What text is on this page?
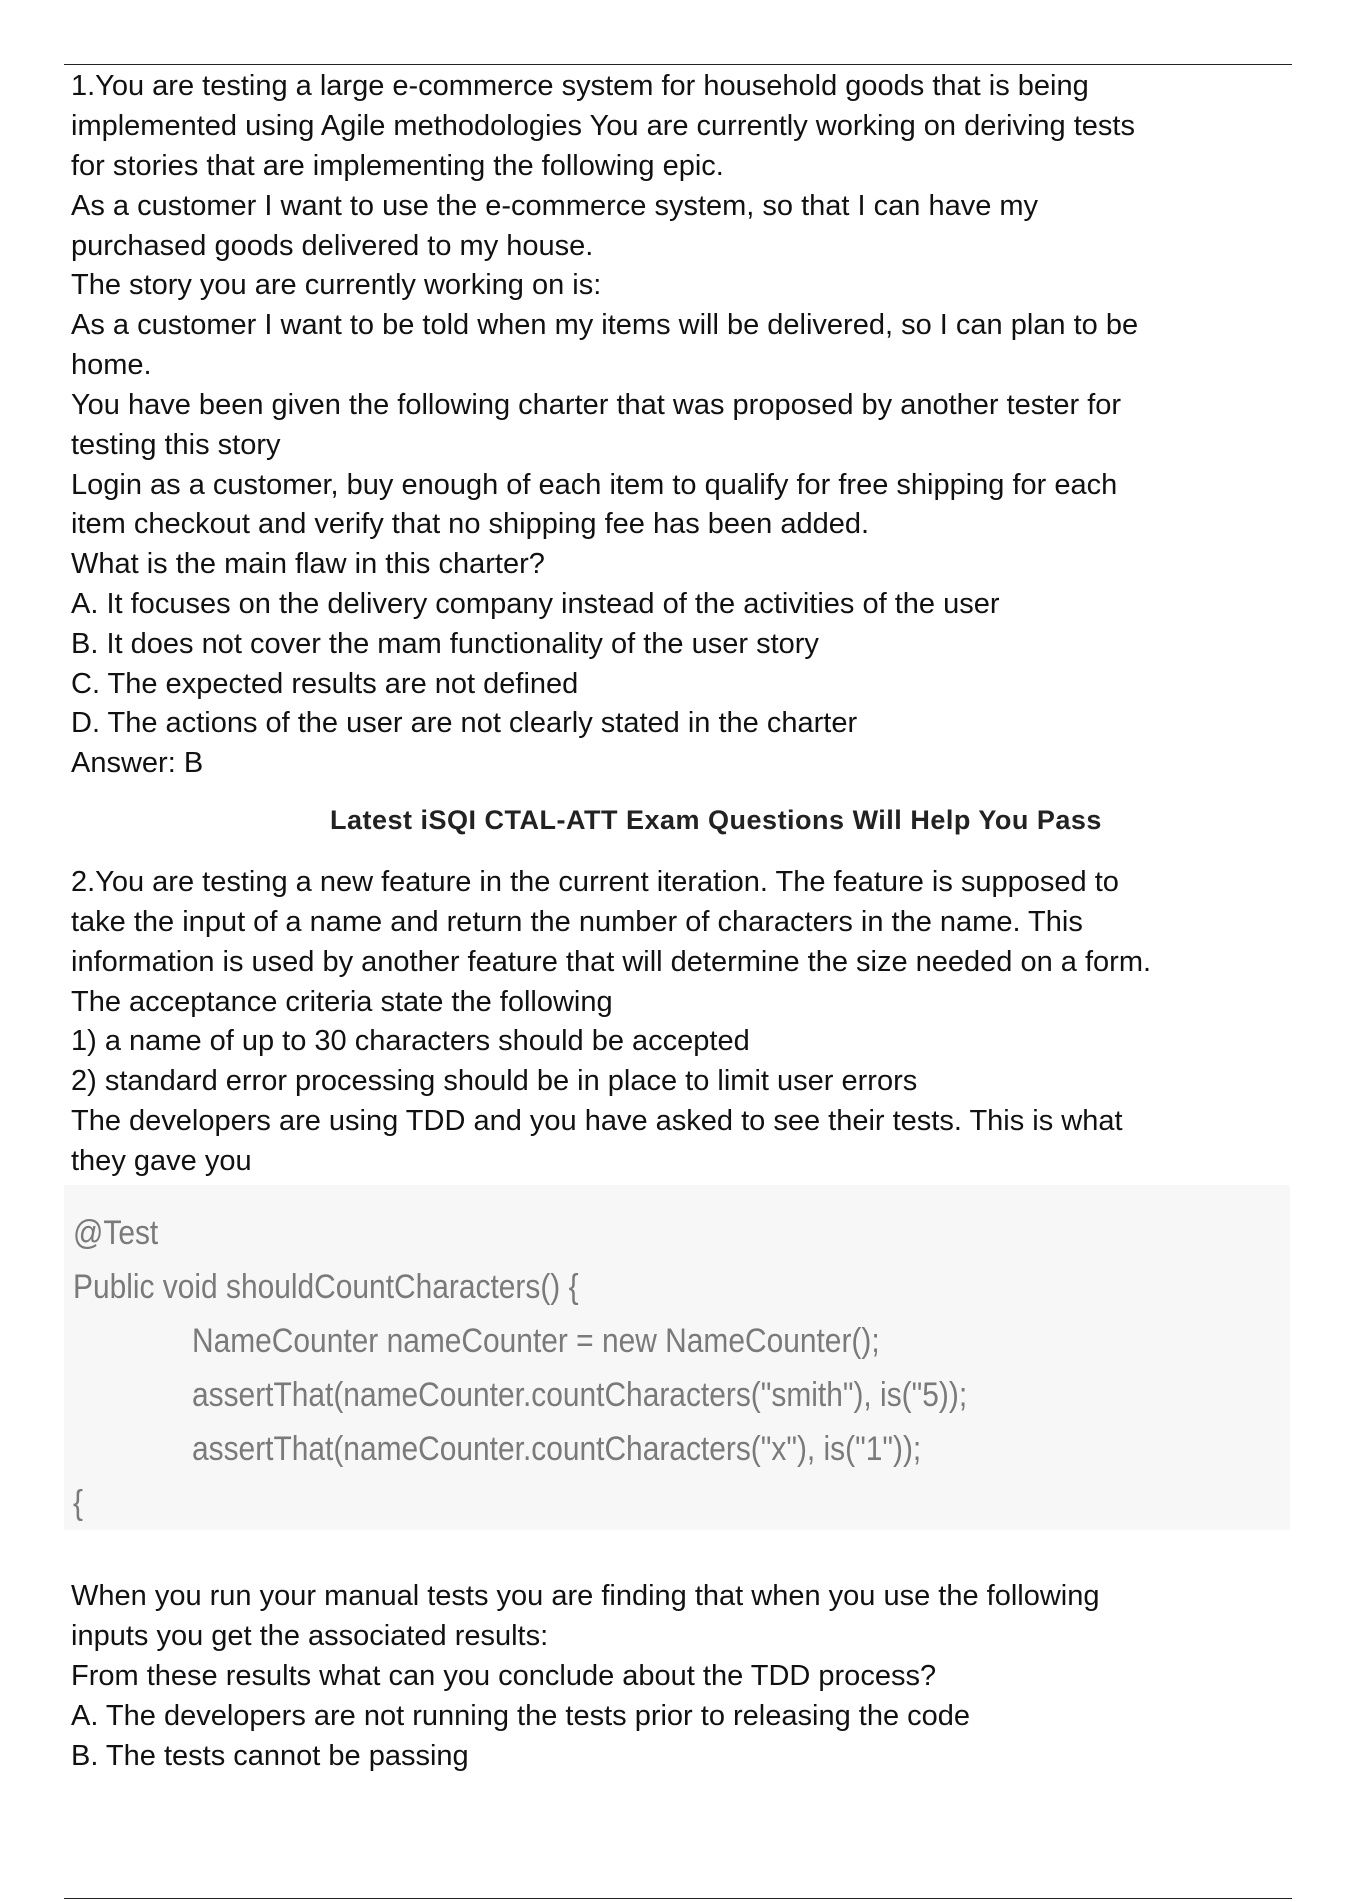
1.You are testing a large e-commerce system for household goods that is being
implemented using Agile methodologies You are currently working on deriving tests
for stories that are implementing the following epic.
As a customer I want to use the e-commerce system, so that I can have my
purchased goods delivered to my house.
The story you are currently working on is:
As a customer I want to be told when my items will be delivered, so I can plan to be
home.
You have been given the following charter that was proposed by another tester for
testing this story
Login as a customer, buy enough of each item to qualify for free shipping for each
item checkout and verify that no shipping fee has been added.
What is the main flaw in this charter?
A. It focuses on the delivery company instead of the activities of the user
B. It does not cover the mam functionality of the user story
C. The expected results are not defined
D. The actions of the user are not clearly stated in the charter
Answer: B
Latest iSQI CTAL-ATT Exam Questions Will Help You Pass
2.You are testing a new feature in the current iteration. The feature is supposed to
take the input of a name and return the number of characters in the name. This
information is used by another feature that will determine the size needed on a form.
The acceptance criteria state the following
1) a name of up to 30 characters should be accepted
2) standard error processing should be in place to limit user errors
The developers are using TDD and you have asked to see their tests. This is what
they gave you
@Test
Public void shouldCountCharacters() {
NameCounter nameCounter = new NameCounter();
assertThat(nameCounter.countCharacters("smith"), is("5));
assertThat(nameCounter.countCharacters("x"), is("1"));
{
When you run your manual tests you are finding that when you use the following
inputs you get the associated results:
From these results what can you conclude about the TDD process?
A. The developers are not running the tests prior to releasing the code
B. The tests cannot be passing
